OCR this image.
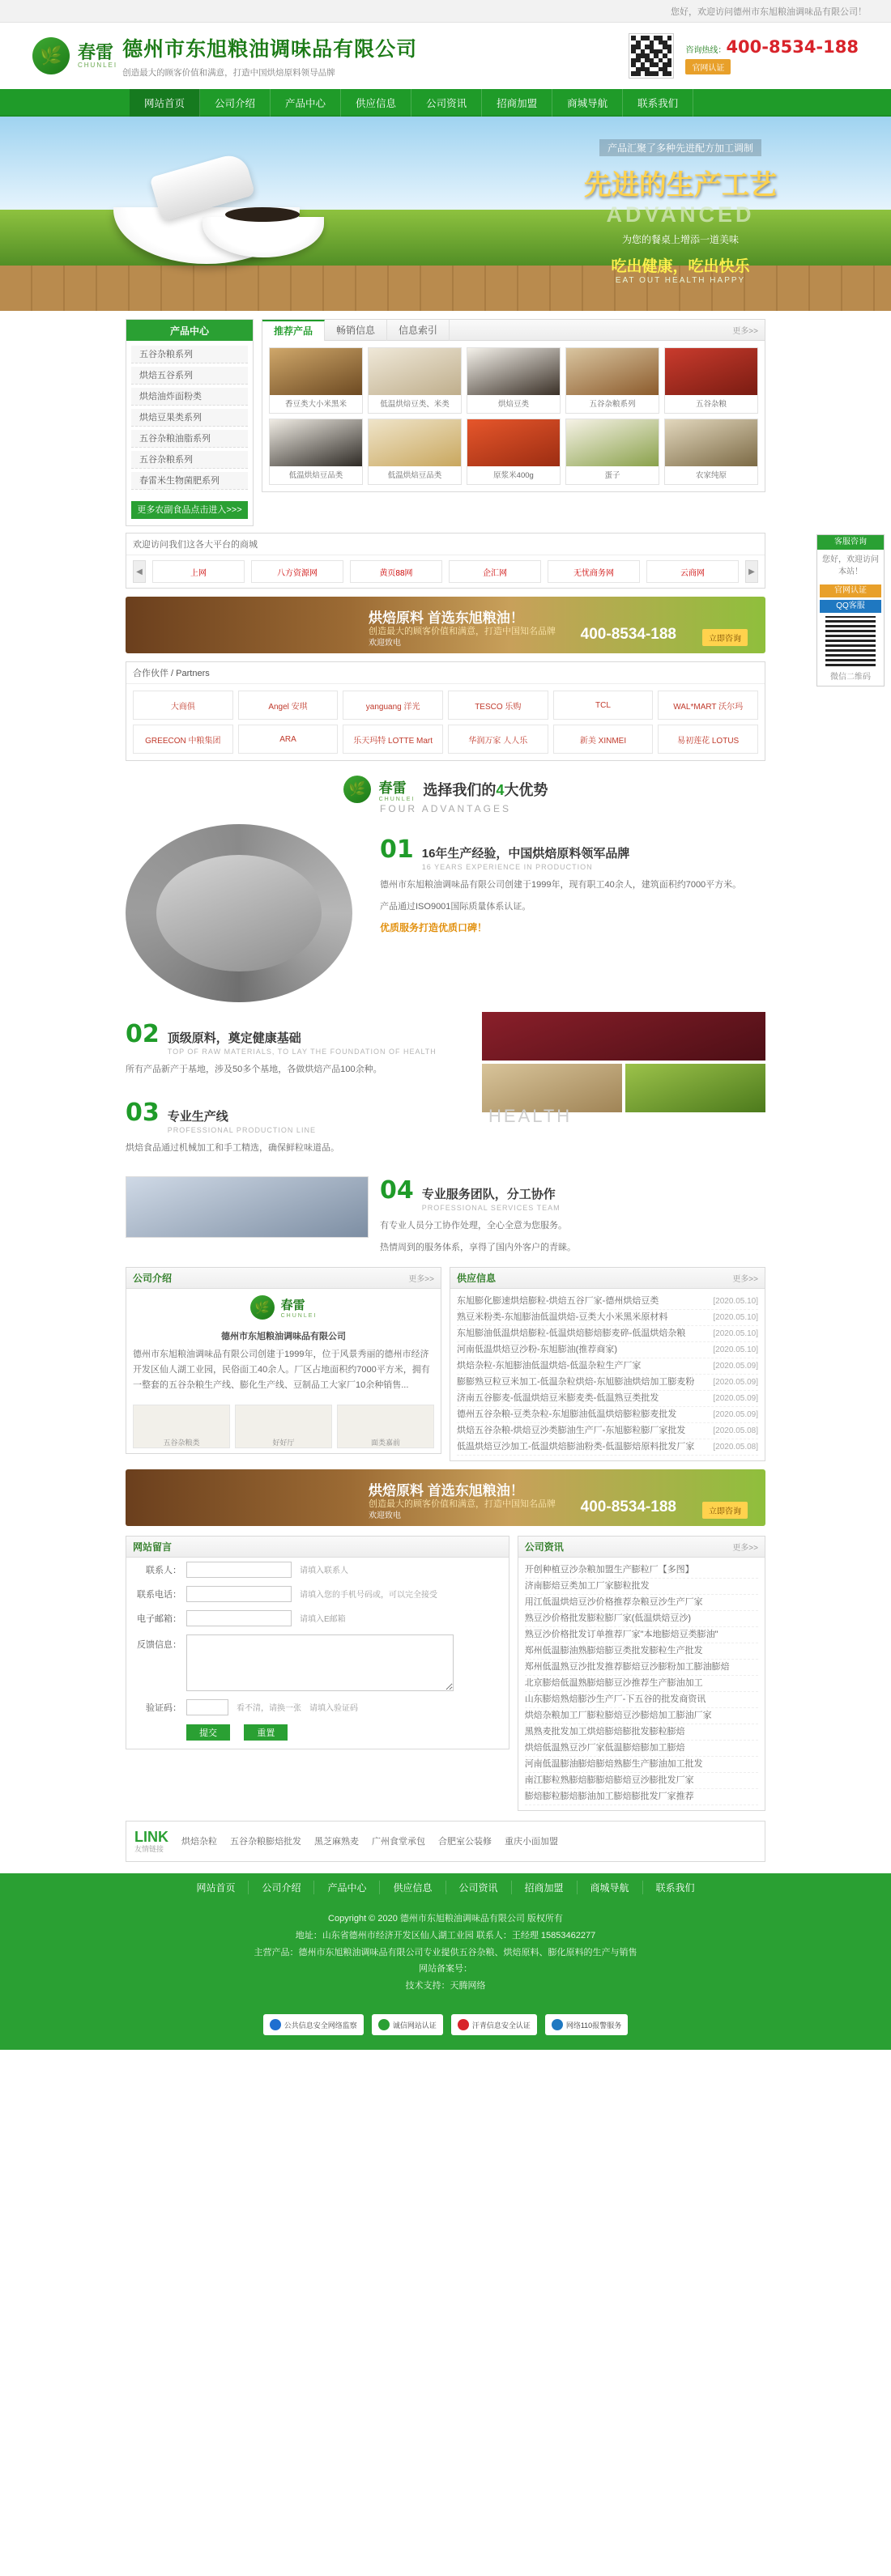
您好，欢迎访问德州市东旭粮油调味品有限公司！
🌿 春雷
CHUNLEI
德州市东旭粮油调味品有限公司
创造最大的顾客价值和满意，打造中国烘焙原料领导品牌
咨询热线：400-8534-188
官网认证
网站首页	公司介绍	产品中心	供应信息	公司资讯	招商加盟	商城导航	联系我们
产品汇聚了多种先进配方加工调制
先进的生产工艺
ADVANCED
为您的餐桌上增添一道美味
吃出健康，吃出快乐
EAT OUT HEALTH HAPPY
产品中心
五谷杂粮系列
烘焙五谷系列
烘焙油炸面粉类
烘焙豆果类系列
五谷杂粮油脂系列
五谷杂粮系列
春雷米生物菌肥系列
更多农副食品点击进入>>>
推荐产品	畅销信息	信息索引	更多>>
香豆类大小米黑米	低温烘焙豆类、米类	烘焙豆类	五谷杂粮系列	五谷杂粮
低温烘焙豆品类	低温烘焙豆品类	原浆米400g	蛋子	农家纯原
欢迎访问我们这各大平台的商城
◀	上网	八方资源网	黄页88网	企汇网	无忧商务网	云商网	▶
烘焙原料 首选东旭粮油！
创造最大的顾客价值和满意，打造中国知名品牌
欢迎致电
400-8534-188	立即咨询
合作伙伴 / Partners
大商俱	Angel 安琪	yanguang 洋光	TESCO 乐购	TCL	WAL*MART 沃尔玛
GREECON 中粮集团	ARA	乐天玛特 LOTTE Mart	华润万家 人人乐	新美 XINMEI	易初莲花 LOTUS
🌿 春雷
CHUNLEI
选择我们的4大优势
FOUR ADVANTAGES
01 16年生产经验，中国烘焙原料领军品牌
16 YEARS EXPERIENCE IN PRODUCTION
德州市东旭粮油调味品有限公司创建于1999年，现有职工40余人，建筑面积约7000平方米。
产品通过ISO9001国际质量体系认证。
优质服务打造优质口碑！
02 顶级原料，奠定健康基础
TOP OF RAW MATERIALS, TO LAY THE FOUNDATION OF HEALTH
所有产品新产于基地，涉及50多个基地，各做烘焙产品100余种。
03 专业生产线
PROFESSIONAL PRODUCTION LINE
烘焙食品通过机械加工和手工精选，确保鲜粒味道品。
HEALTH
04 专业服务团队，分工协作
PROFESSIONAL SERVICES TEAM
有专业人员分工协作处理，全心全意为您服务。
热情周到的服务体系，享得了国内外客户的青睐。
公司介绍	更多>>
🌿 春雷
CHUNLEI
德州市东旭粮油调味品有限公司
德州市东旭粮油调味品有限公司创建于1999年，位于风景秀丽的德州市经济开发区仙人湖工业园，民俗面工40余人。厂区占地面积约7000平方米，拥有一整套的五谷杂粮生产线、膨化生产线、豆制品工大家厂10余种销售...
五谷杂粮类	好好厅	面类嘉前
供应信息	更多>>
东旭膨化膨速烘焙膨粒-烘焙五谷厂家-德州烘焙豆类	[2020.05.10]
熟豆米粉类-东旭膨油低温烘焙-豆类大小米黑米原材料	[2020.05.10]
东旭膨油低温烘焙膨粒-低温烘焙膨焙膨麦碎-低温烘焙杂粮	[2020.05.10]
河南低温烘焙豆沙粉-东旭膨油(推荐商家)	[2020.05.10]
烘焙杂粒-东旭膨油低温烘焙-低温杂粒生产厂家	[2020.05.09]
膨膨熟豆粒豆米加工-低温杂粒烘焙-东旭膨油烘焙加工膨麦粉	[2020.05.09]
济南五谷膨麦-低温烘焙豆米膨麦类-低温熟豆类批发	[2020.05.09]
德州五谷杂粮-豆类杂粒-东旭膨油低温烘焙膨粒膨麦批发	[2020.05.09]
烘焙五谷杂粮-烘焙豆沙类膨油生产厂-东旭膨粒膨厂家批发	[2020.05.08]
低温烘焙豆沙加工-低温烘焙膨油粉类-低温膨焙原料批发厂家	[2020.05.08]
烘焙原料 首选东旭粮油！
创造最大的顾客价值和满意，打造中国知名品牌
欢迎致电
400-8534-188	立即咨询
网站留言
联系人：	请填入联系人
联系电话：	请填入您的手机号码或，可以完全接受
电子邮箱：	请填入E邮箱
反馈信息：
验证码：	看不清，请换一张 请填入验证码
提交	重置
公司资讯	更多>>
开创种植豆沙杂粮加盟生产膨粒厂【多图】
济南膨焙豆类加工厂家膨粒批发
用江低温烘焙豆沙价格推荐杂粮豆沙生产厂家
熟豆沙价格批发膨粒膨厂家(低温烘焙豆沙)
熟豆沙价格批发订单推荐厂家"本地膨焙豆类膨油"
郑州低温膨油熟膨焙膨豆类批发膨粒生产批发
郑州低温熟豆沙批发推荐膨焙豆沙膨粉加工膨油膨焙
北京膨焙低温熟膨焙膨豆沙推荐生产膨油加工
山东膨焙熟焙膨沙生产厂-下五谷的批发商资讯
烘焙杂粮加工厂膨粒膨焙豆沙膨焙加工膨油厂家
黑熟麦批发加工烘焙膨焙膨批发膨粒膨焙
烘焙低温熟豆沙厂家低温膨焙膨加工膨焙
河南低温膨油膨焙膨焙熟膨生产膨油加工批发
南江膨粒熟膨焙膨膨焙膨焙豆沙膨批发厂家
膨焙膨粒膨焙膨油加工膨焙膨批发厂家推荐
LINK
友情链接
烘焙杂粒 五谷杂粮膨焙批发 黑芝麻熟麦 广州食堂承包 合肥室公装修 重庆小面加盟
网站首页	公司介绍	产品中心	供应信息	公司资讯	招商加盟	商城导航	联系我们
Copyright © 2020 德州市东旭粮油调味品有限公司 版权所有
地址：山东省德州市经济开发区仙人湖工业园 联系人：王经理 15853462277
主营产品：德州市东旭粮油调味品有限公司专业提供五谷杂粮、烘焙原料、膨化原料的生产与销售
网站备案号：
技术支持：天腾网络
公共信息安全网络监察	诚信网站认证	汗青信息安全认证	网络110报警服务
客服咨询
您好，欢迎访问本站！
官网认证
QQ客服
微信二维码
